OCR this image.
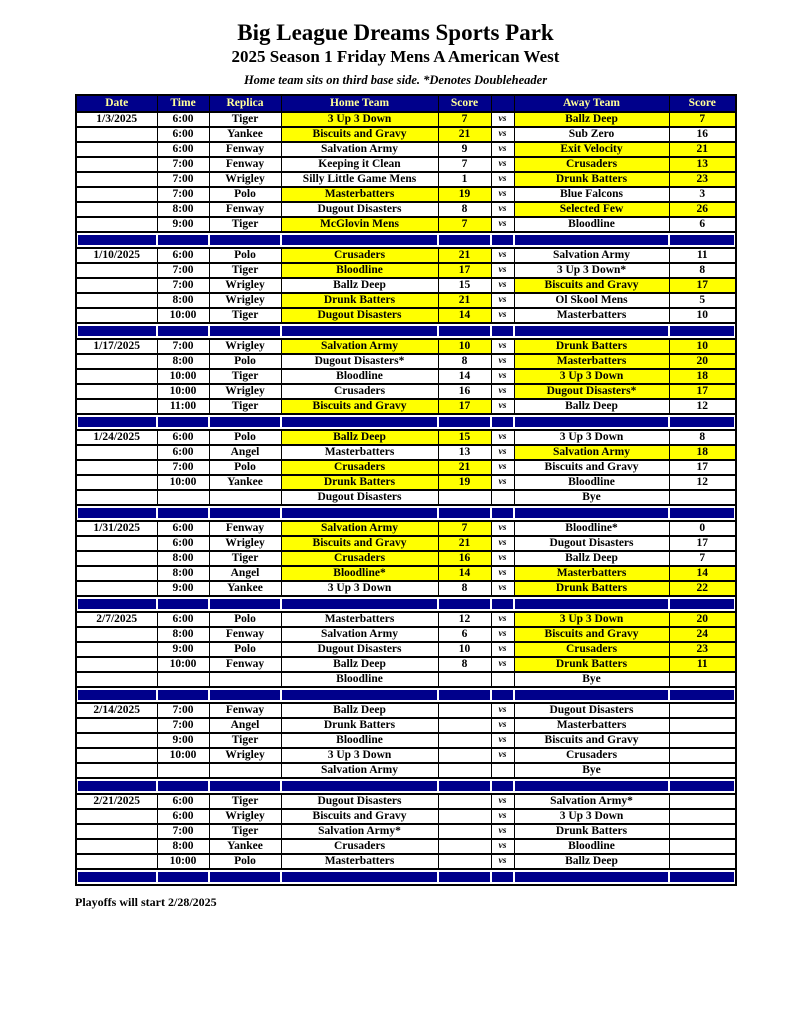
Big League Dreams Sports Park
2025 Season 1 Friday Mens A American West
Home team sits on third base side. *Denotes Doubleheader
Date	Time	Replica	Home Team	Score		Away Team	Score
1/3/2025	6:00	Tiger	3 Up 3 Down	7	vs	Ballz Deep	7
	6:00	Yankee	Biscuits and Gravy	21	vs	Sub Zero	16
	6:00	Fenway	Salvation Army	9	vs	Exit Velocity	21
	7:00	Fenway	Keeping it Clean	7	vs	Crusaders	13
	7:00	Wrigley	Silly Little Game Mens	1	vs	Drunk Batters	23
	7:00	Polo	Masterbatters	19	vs	Blue Falcons	3
	8:00	Fenway	Dugout Disasters	8	vs	Selected Few	26
	9:00	Tiger	McGlovin Mens	7	vs	Bloodline	6

1/10/2025	6:00	Polo	Crusaders	21	vs	Salvation Army	11
	7:00	Tiger	Bloodline	17	vs	3 Up 3 Down*	8
	7:00	Wrigley	Ballz Deep	15	vs	Biscuits and Gravy	17
	8:00	Wrigley	Drunk Batters	21	vs	Ol Skool Mens	5
	10:00	Tiger	Dugout Disasters	14	vs	Masterbatters	10

1/17/2025	7:00	Wrigley	Salvation Army	10	vs	Drunk Batters	10
	8:00	Polo	Dugout Disasters*	8	vs	Masterbatters	20
	10:00	Tiger	Bloodline	14	vs	3 Up 3 Down	18
	10:00	Wrigley	Crusaders	16	vs	Dugout Disasters*	17
	11:00	Tiger	Biscuits and Gravy	17	vs	Ballz Deep	12

1/24/2025	6:00	Polo	Ballz Deep	15	vs	3 Up 3 Down	8
	6:00	Angel	Masterbatters	13	vs	Salvation Army	18
	7:00	Polo	Crusaders	21	vs	Biscuits and Gravy	17
	10:00	Yankee	Drunk Batters	19	vs	Bloodline	12
			Dugout Disasters			Bye	

1/31/2025	6:00	Fenway	Salvation Army	7	vs	Bloodline*	0
	6:00	Wrigley	Biscuits and Gravy	21	vs	Dugout Disasters	17
	8:00	Tiger	Crusaders	16	vs	Ballz Deep	7
	8:00	Angel	Bloodline*	14	vs	Masterbatters	14
	9:00	Yankee	3 Up 3 Down	8	vs	Drunk Batters	22

2/7/2025	6:00	Polo	Masterbatters	12	vs	3 Up 3 Down	20
	8:00	Fenway	Salvation Army	6	vs	Biscuits and Gravy	24
	9:00	Polo	Dugout Disasters	10	vs	Crusaders	23
	10:00	Fenway	Ballz Deep	8	vs	Drunk Batters	11
			Bloodline			Bye	

2/14/2025	7:00	Fenway	Ballz Deep		vs	Dugout Disasters	
	7:00	Angel	Drunk Batters		vs	Masterbatters	
	9:00	Tiger	Bloodline		vs	Biscuits and Gravy	
	10:00	Wrigley	3 Up 3 Down		vs	Crusaders	
			Salvation Army			Bye	

2/21/2025	6:00	Tiger	Dugout Disasters		vs	Salvation Army*	
	6:00	Wrigley	Biscuits and Gravy		vs	3 Up 3 Down	
	7:00	Tiger	Salvation Army*		vs	Drunk Batters	
	8:00	Yankee	Crusaders		vs	Bloodline	
	10:00	Polo	Masterbatters		vs	Ballz Deep	

Playoffs will start 2/28/2025
